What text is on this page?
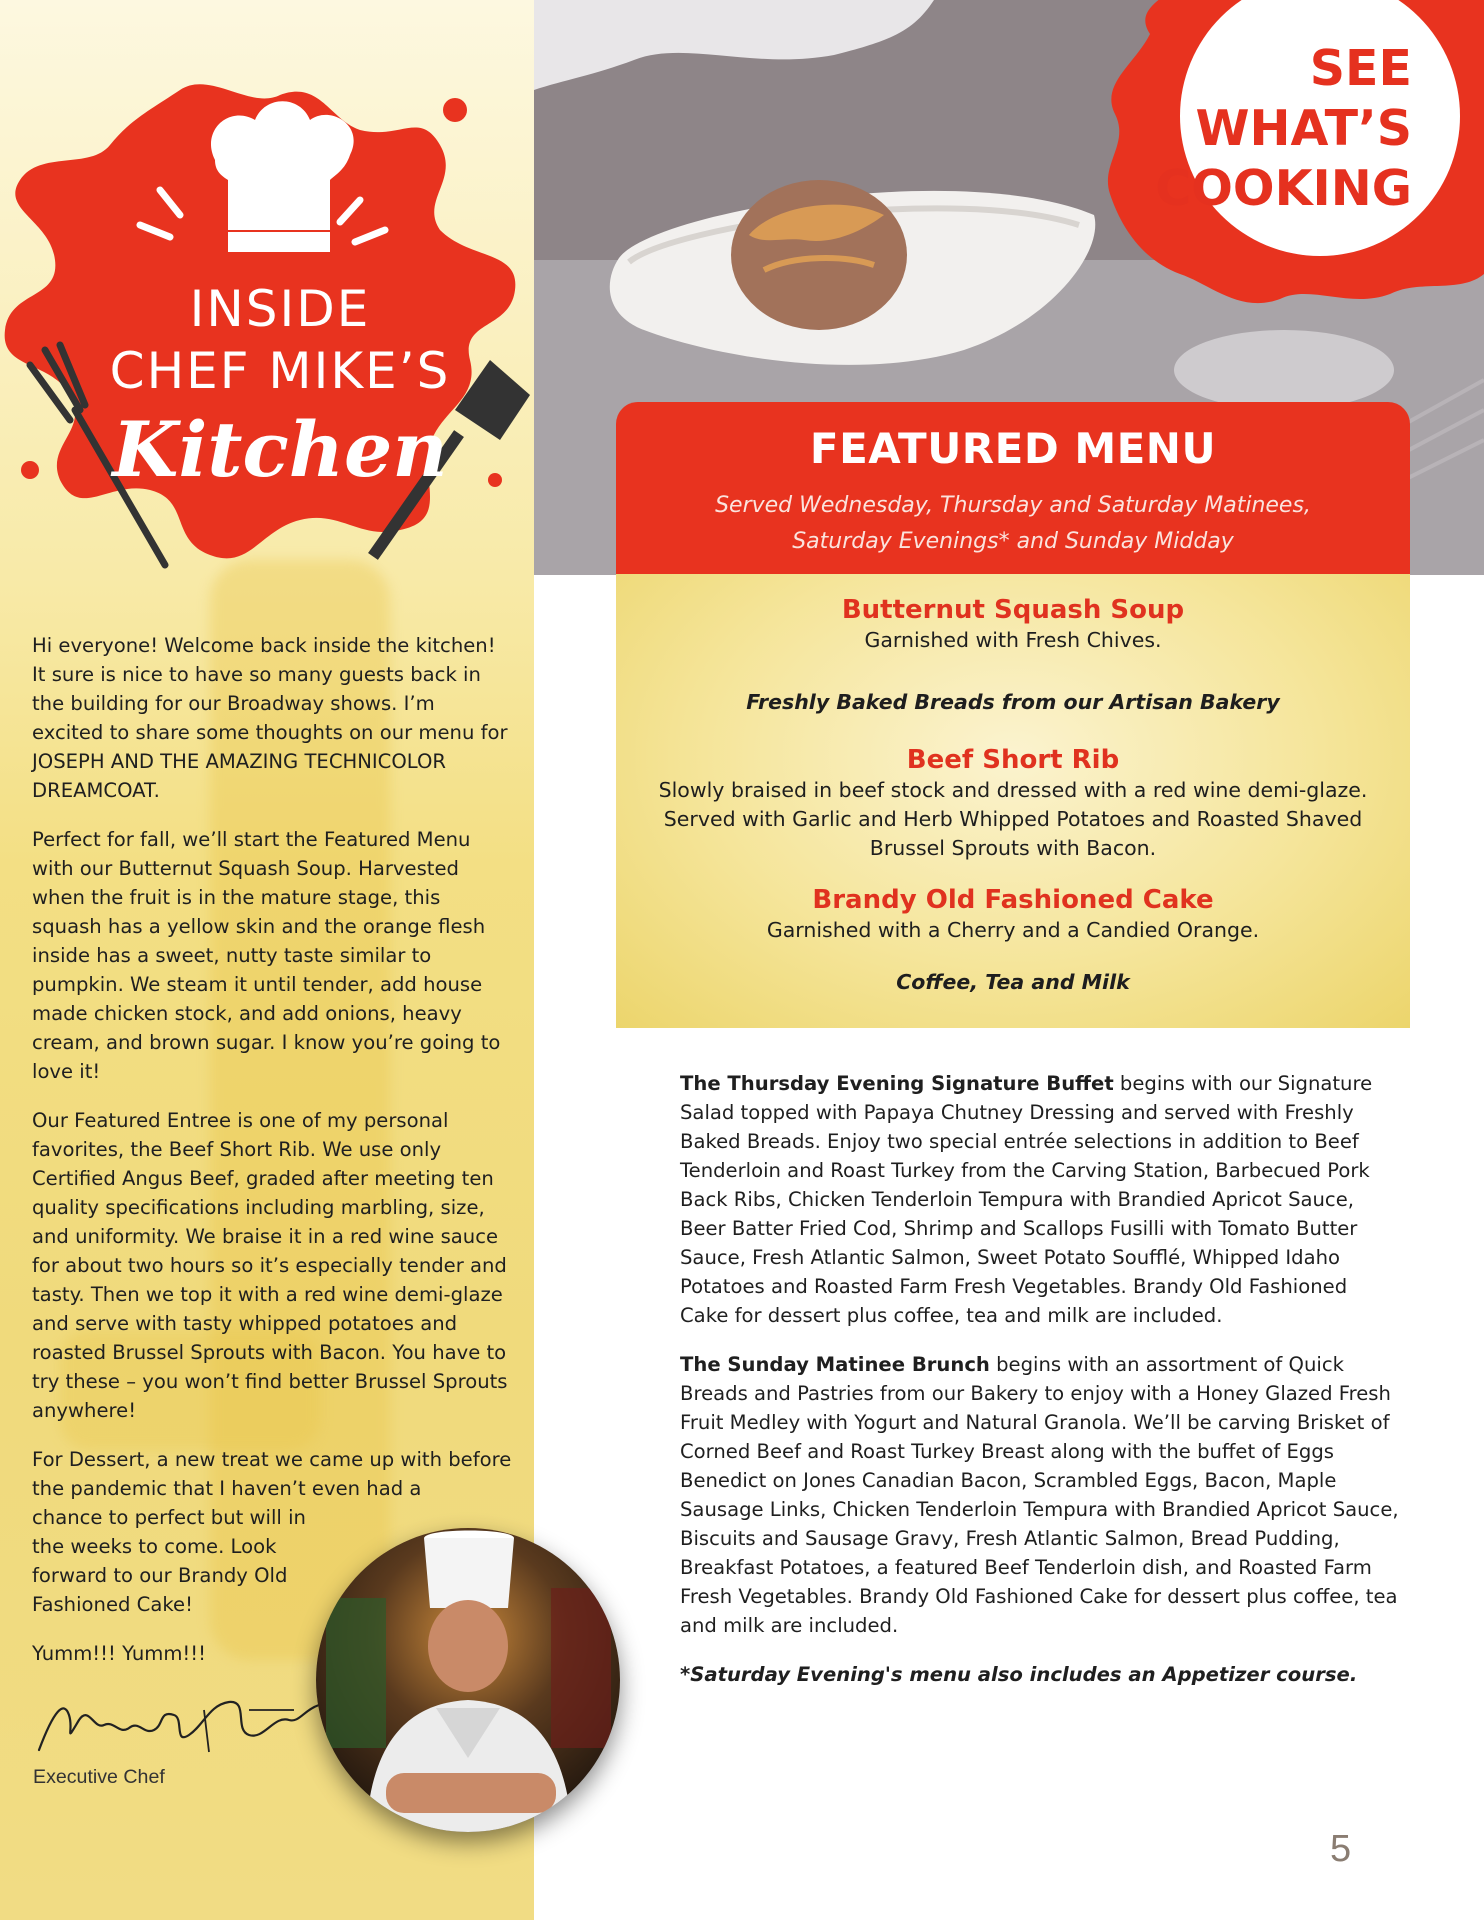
INSIDE
CHEF MIKE’S
Kitchen

Hi everyone! Welcome back inside the kitchen! It sure is nice to have so many guests back in the building for our Broadway shows. I’m excited to share some thoughts on our menu for JOSEPH AND THE AMAZING TECHNICOLOR DREAMCOAT.

Perfect for fall, we’ll start the Featured Menu with our Butternut Squash Soup. Harvested when the fruit is in the mature stage, this squash has a yellow skin and the orange flesh inside has a sweet, nutty taste similar to pumpkin. We steam it until tender, add house made chicken stock, and add onions, heavy cream, and brown sugar. I know you’re going to love it!

Our Featured Entree is one of my personal favorites, the Beef Short Rib. We use only Certified Angus Beef, graded after meeting ten quality specifications including marbling, size, and uniformity. We braise it in a red wine sauce for about two hours so it’s especially tender and tasty. Then we top it with a red wine demi-glaze and serve with tasty whipped potatoes and roasted Brussel Sprouts with Bacon. You have to try these – you won’t find better Brussel Sprouts anywhere!

For Dessert, a new treat we came up with before the pandemic that I haven’t even had a

chance to perfect but will in the weeks to come. Look forward to our Brandy Old Fashioned Cake!

Yumm!!! Yumm!!!

Executive Chef
SEE
WHAT’S
COOKING
FEATURED MENU
Served Wednesday, Thursday and Saturday Matinees,
Saturday Evenings* and Sunday Midday
Butternut Squash Soup
Garnished with Fresh Chives.
Freshly Baked Breads from our Artisan Bakery
Beef Short Rib
Slowly braised in beef stock and dressed with a red wine demi-glaze.
Served with Garlic and Herb Whipped Potatoes and Roasted Shaved
Brussel Sprouts with Bacon.
Brandy Old Fashioned Cake
Garnished with a Cherry and a Candied Orange.
Coffee, Tea and Milk

The Thursday Evening Signature Buffet begins with our Signature Salad topped with Papaya Chutney Dressing and served with Freshly Baked Breads. Enjoy two special entrée selections in addition to Beef Tenderloin and Roast Turkey from the Carving Station, Barbecued Pork Back Ribs, Chicken Tenderloin Tempura with Brandied Apricot Sauce, Beer Batter Fried Cod, Shrimp and Scallops Fusilli with Tomato Butter Sauce, Fresh Atlantic Salmon, Sweet Potato Soufflé, Whipped Idaho Potatoes and Roasted Farm Fresh Vegetables. Brandy Old Fashioned Cake for dessert plus coffee, tea and milk are included.

The Sunday Matinee Brunch begins with an assortment of Quick Breads and Pastries from our Bakery to enjoy with a Honey Glazed Fresh Fruit Medley with Yogurt and Natural Granola. We’ll be carving Brisket of Corned Beef and Roast Turkey Breast along with the buffet of Eggs Benedict on Jones Canadian Bacon, Scrambled Eggs, Bacon, Maple Sausage Links, Chicken Tenderloin Tempura with Brandied Apricot Sauce, Biscuits and Sausage Gravy, Fresh Atlantic Salmon, Bread Pudding, Breakfast Potatoes, a featured Beef Tenderloin dish, and Roasted Farm Fresh Vegetables. Brandy Old Fashioned Cake for dessert plus coffee, tea and milk are included.

*Saturday Evening's menu also includes an Appetizer course.

5
